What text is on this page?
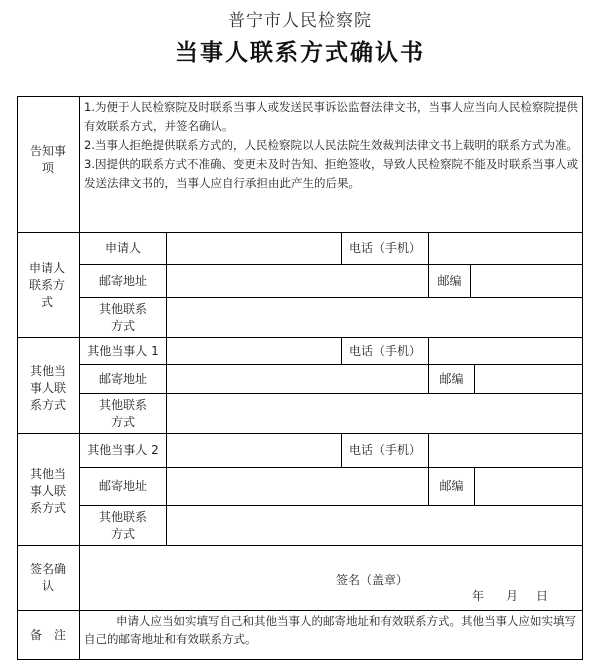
普宁市人民检察院
当事人联系方式确认书
告知事项

1.为便于人民检察院及时联系当事人或发送民事诉讼监督法律文书，当事人应当向人民检察院提供有效联系方式，并签名确认。

2.当事人拒绝提供联系方式的，人民检察院以人民法院生效裁判法律文书上载明的联系方式为准。

3.因提供的联系方式不准确、变更未及时告知、拒绝签收，导致人民检察院不能及时联系当事人或发送法律文书的，当事人应自行承担由此产生的后果。

申请人联系方式
申请人	电话（手机）
邮寄地址	邮编
其他联系方式
其他当事人联系方式
其他当事人 1	电话（手机）
邮寄地址	邮编
其他联系方式
其他当事人联系方式
其他当事人 2	电话（手机）
邮寄地址	邮编
其他联系方式
签名确认	签名（盖章）
年 月 日
备　注
申请人应当如实填写自己和其他当事人的邮寄地址和有效联系方式。其他当事人应如实填写自己的邮寄地址和有效联系方式。
